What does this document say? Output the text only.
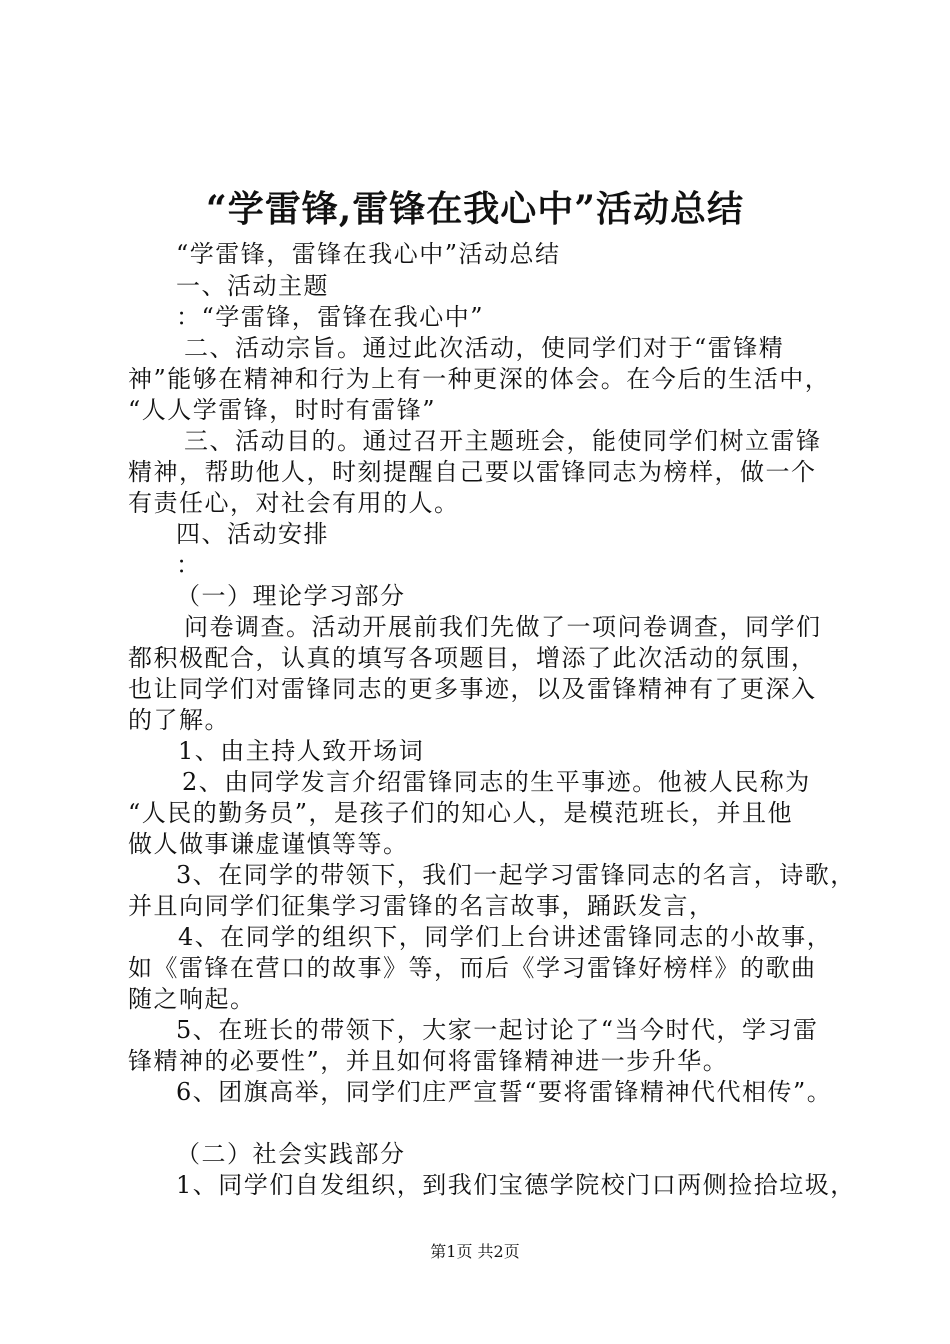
“学雷锋,雷锋在我心中”活动总结
“学雷锋，雷锋在我心中”活动总结
一、活动主题
：“学雷锋，雷锋在我心中”
二、活动宗旨。通过此次活动，使同学们对于“雷锋精
神”能够在精神和行为上有一种更深的体会。在今后的生活中，
“人人学雷锋，时时有雷锋”
三、活动目的。通过召开主题班会，能使同学们树立雷锋
精神，帮助他人，时刻提醒自己要以雷锋同志为榜样，做一个
有责任心，对社会有用的人。
四、活动安排
：
（一）理论学习部分
问卷调查。活动开展前我们先做了一项问卷调查，同学们
都积极配合，认真的填写各项题目，增添了此次活动的氛围，
也让同学们对雷锋同志的更多事迹，以及雷锋精神有了更深入
的了解。
1、由主持人致开场词
2、由同学发言介绍雷锋同志的生平事迹。他被人民称为
“人民的勤务员”，是孩子们的知心人，是模范班长，并且他
做人做事谦虚谨慎等等。
3、在同学的带领下，我们一起学习雷锋同志的名言，诗歌，
并且向同学们征集学习雷锋的名言故事，踊跃发言，
4、在同学的组织下，同学们上台讲述雷锋同志的小故事，
如《雷锋在营口的故事》等，而后《学习雷锋好榜样》的歌曲
随之响起。
5、在班长的带领下，大家一起讨论了“当今时代，学习雷
锋精神的必要性”，并且如何将雷锋精神进一步升华。
6、团旗高举，同学们庄严宣誓“要将雷锋精神代代相传”。
（二）社会实践部分
1、同学们自发组织，到我们宝德学院校门口两侧捡拾垃圾，
第1页 共2页
